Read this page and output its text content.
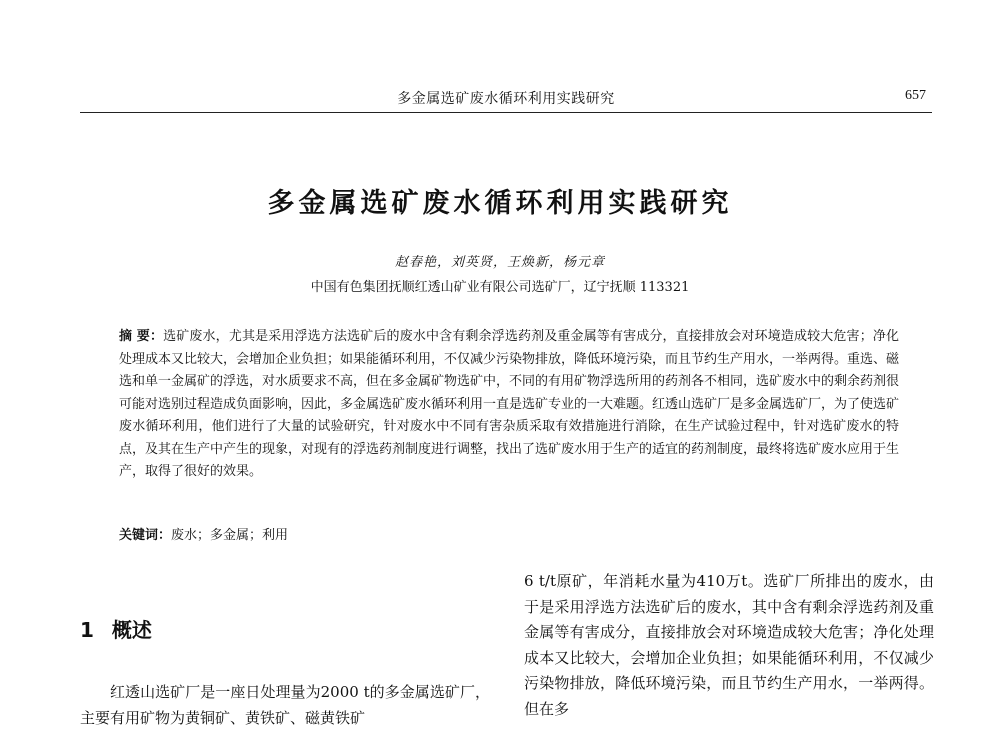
多金属选矿废水循环利用实践研究	657
多金属选矿废水循环利用实践研究
赵春艳，刘英贤，王焕新，杨元章
中国有色集团抚顺红透山矿业有限公司选矿厂，辽宁抚顺 113321
摘 要：选矿废水，尤其是采用浮选方法选矿后的废水中含有剩余浮选药剂及重金属等有害成分，直接排放会对环境造成较大危害；净化处理成本又比较大，会增加企业负担；如果能循环利用，不仅减少污染物排放，降低环境污染，而且节约生产用水，一举两得。重选、磁选和单一金属矿的浮选，对水质要求不高，但在多金属矿物选矿中，不同的有用矿物浮选所用的药剂各不相同，选矿废水中的剩余药剂很可能对选别过程造成负面影响，因此，多金属选矿废水循环利用一直是选矿专业的一大难题。红透山选矿厂是多金属选矿厂，为了使选矿废水循环利用，他们进行了大量的试验研究，针对废水中不同有害杂质采取有效措施进行消除，在生产试验过程中，针对选矿废水的特点，及其在生产中产生的现象，对现有的浮选药剂制度进行调整，找出了选矿废水用于生产的适宜的药剂制度，最终将选矿废水应用于生产，取得了很好的效果。
关键词：废水；多金属；利用
1 概述
红透山选矿厂是一座日处理量为2000 t的多金属选矿厂，主要有用矿物为黄铜矿、黄铁矿、磁黄铁矿
6 t/t原矿，年消耗水量为410万t。选矿厂所排出的废水，由于是采用浮选方法选矿后的废水，其中含有剩余浮选药剂及重金属等有害成分，直接排放会对环境造成较大危害；净化处理成本又比较大，会增加企业负担；如果能循环利用，不仅减少污染物排放，降低环境污染，而且节约生产用水，一举两得。但在多
